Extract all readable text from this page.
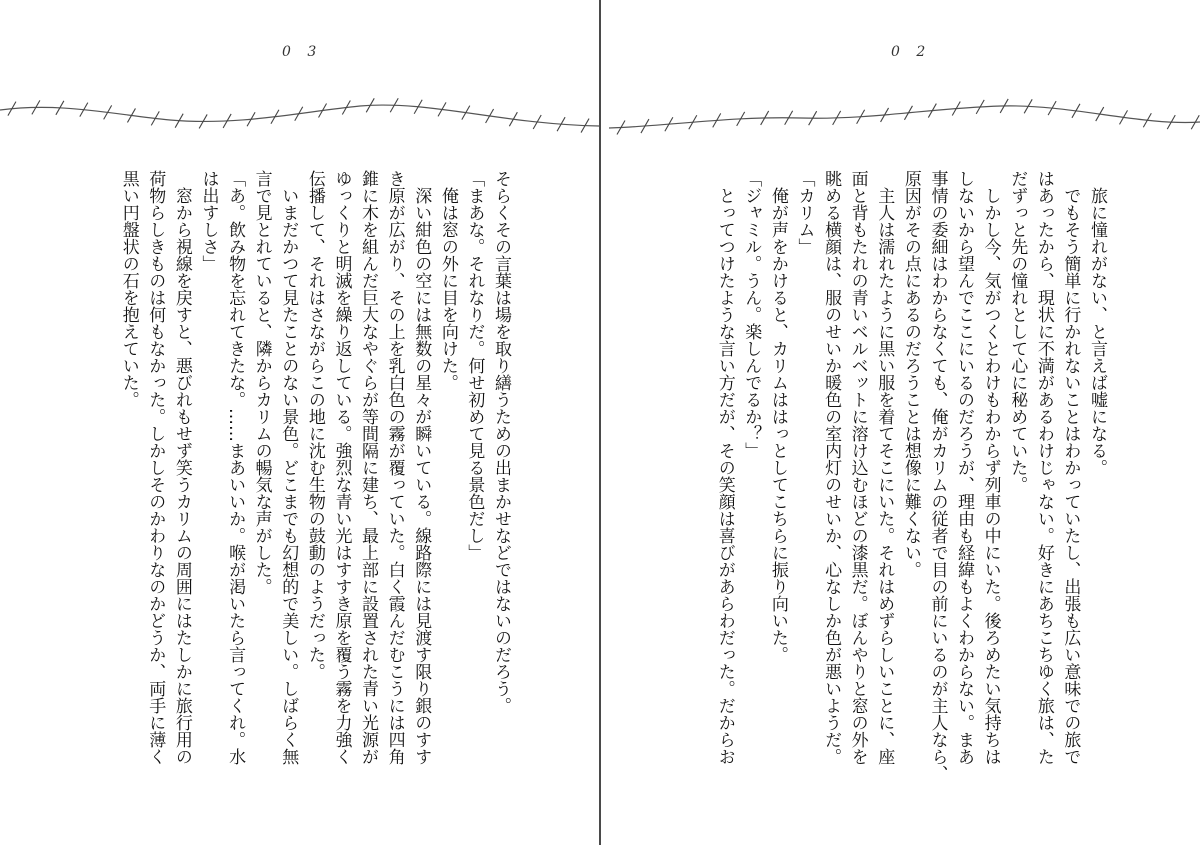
0 3
そらくその言葉は場を取り繕うための出まかせなどではないのだろう。
「まあな。それなりだ。何せ初めて見る景色だし」
　俺は窓の外に目を向けた。
　深い紺色の空には無数の星々が瞬いている。線路際には見渡す限り銀のすす
き原が広がり、その上を乳白色の霧が覆っていた。白く霞んだむこうには四角
錐に木を組んだ巨大なやぐらが等間隔に建ち、最上部に設置された青い光源が
ゆっくりと明滅を繰り返している。強烈な青い光はすすき原を覆う霧を力強く
伝播して、それはさながらこの地に沈む生物の鼓動のようだった。
　いまだかつて見たことのない景色。どこまでも幻想的で美しい。しばらく無
言で見とれていると、隣からカリムの暢気な声がした。
「あ。飲み物を忘れてきたな。……まあいいか。喉が渇いたら言ってくれ。水
は出すしさ」
　窓から視線を戻すと、悪びれもせず笑うカリムの周囲にはたしかに旅行用の
荷物らしきものは何もなかった。しかしそのかわりなのかどうか、両手に薄く
黒い円盤状の石を抱えていた。
0 2
　旅に憧れがない、と言えば嘘になる。
　でもそう簡単に行かれないことはわかっていたし、出張も広い意味での旅で
はあったから、現状に不満があるわけじゃない。好きにあちこちゆく旅は、た
だずっと先の憧れとして心に秘めていた。
　しかし今、気がつくとわけもわからず列車の中にいた。後ろめたい気持ちは
しないから望んでここにいるのだろうが、理由も経緯もよくわからない。まあ
事情の委細はわからなくても、俺がカリムの従者で目の前にいるのが主人なら、
原因がその点にあるのだろうことは想像に難くない。
　主人は濡れたように黒い服を着てそこにいた。それはめずらしいことに、座
面と背もたれの青いベルベットに溶け込むほどの漆黒だ。ぼんやりと窓の外を
眺める横顔は、服のせいか暖色の室内灯のせいか、心なしか色が悪いようだ。
「カリム」
　俺が声をかけると、カリムははっとしてこちらに振り向いた。
「ジャミル。うん。楽しんでるか？」
　とってつけたような言い方だが、その笑顔は喜びがあらわだった。だからお
